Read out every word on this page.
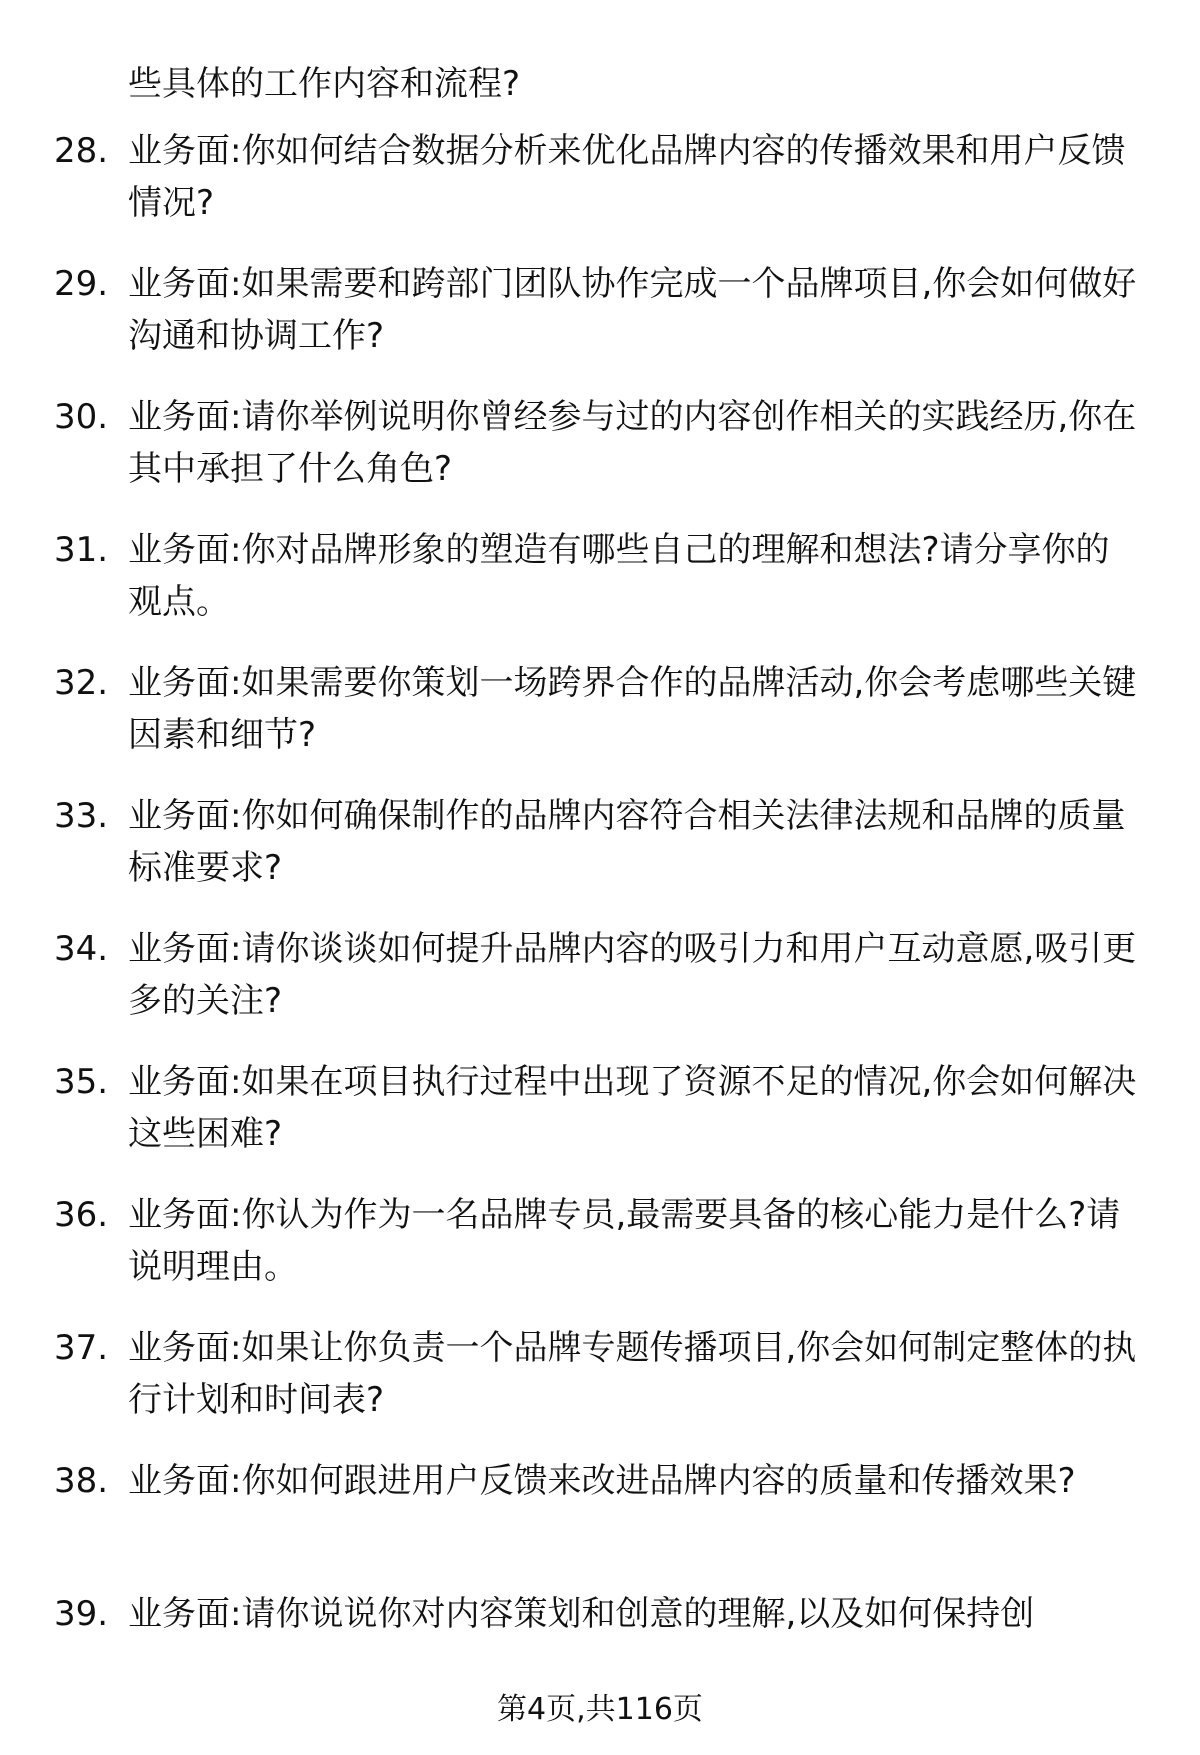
些具体的工作内容和流程?
28. 业务面:你如何结合数据分析来优化品牌内容的传播效果和用户反馈情况?
29. 业务面:如果需要和跨部门团队协作完成一个品牌项目,你会如何做好沟通和协调工作?
30. 业务面:请你举例说明你曾经参与过的内容创作相关的实践经历,你在其中承担了什么角色?
31. 业务面:你对品牌形象的塑造有哪些自己的理解和想法?请分享你的观点。
32. 业务面:如果需要你策划一场跨界合作的品牌活动,你会考虑哪些关键因素和细节?
33. 业务面:你如何确保制作的品牌内容符合相关法律法规和品牌的质量标准要求?
34. 业务面:请你谈谈如何提升品牌内容的吸引力和用户互动意愿,吸引更多的关注?
35. 业务面:如果在项目执行过程中出现了资源不足的情况,你会如何解决这些困难?
36. 业务面:你认为作为一名品牌专员,最需要具备的核心能力是什么?请说明理由。
37. 业务面:如果让你负责一个品牌专题传播项目,你会如何制定整体的执行计划和时间表?
38. 业务面:你如何跟进用户反馈来改进品牌内容的质量和传播效果?
39. 业务面:请你说说你对内容策划和创意的理解,以及如何保持创
第4页,共116页
